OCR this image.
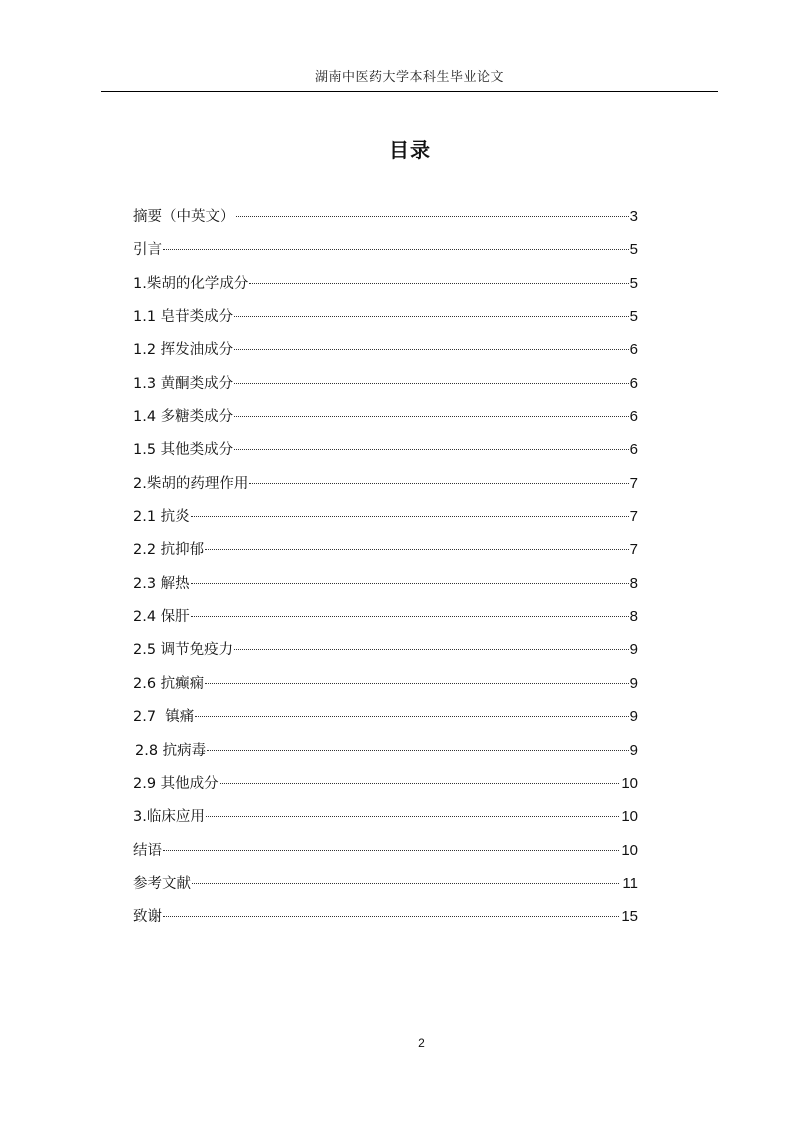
湖南中医药大学本科生毕业论文
目录
摘要（中英文）	3
引言	5
1.柴胡的化学成分	5
1.1 皂苷类成分	5
1.2 挥发油成分	6
1.3 黄酮类成分	6
1.4 多糖类成分	6
1.5 其他类成分	6
2.柴胡的药理作用	7
2.1 抗炎	7
2.2 抗抑郁	7
2.3 解热	8
2.4 保肝	8
2.5 调节免疫力	9
2.6 抗癫痫	9
2.7  镇痛	9
2.8 抗病毒	9
2.9 其他成分	10
3.临床应用	10
结语	10
参考文献	11
致谢	15
2
